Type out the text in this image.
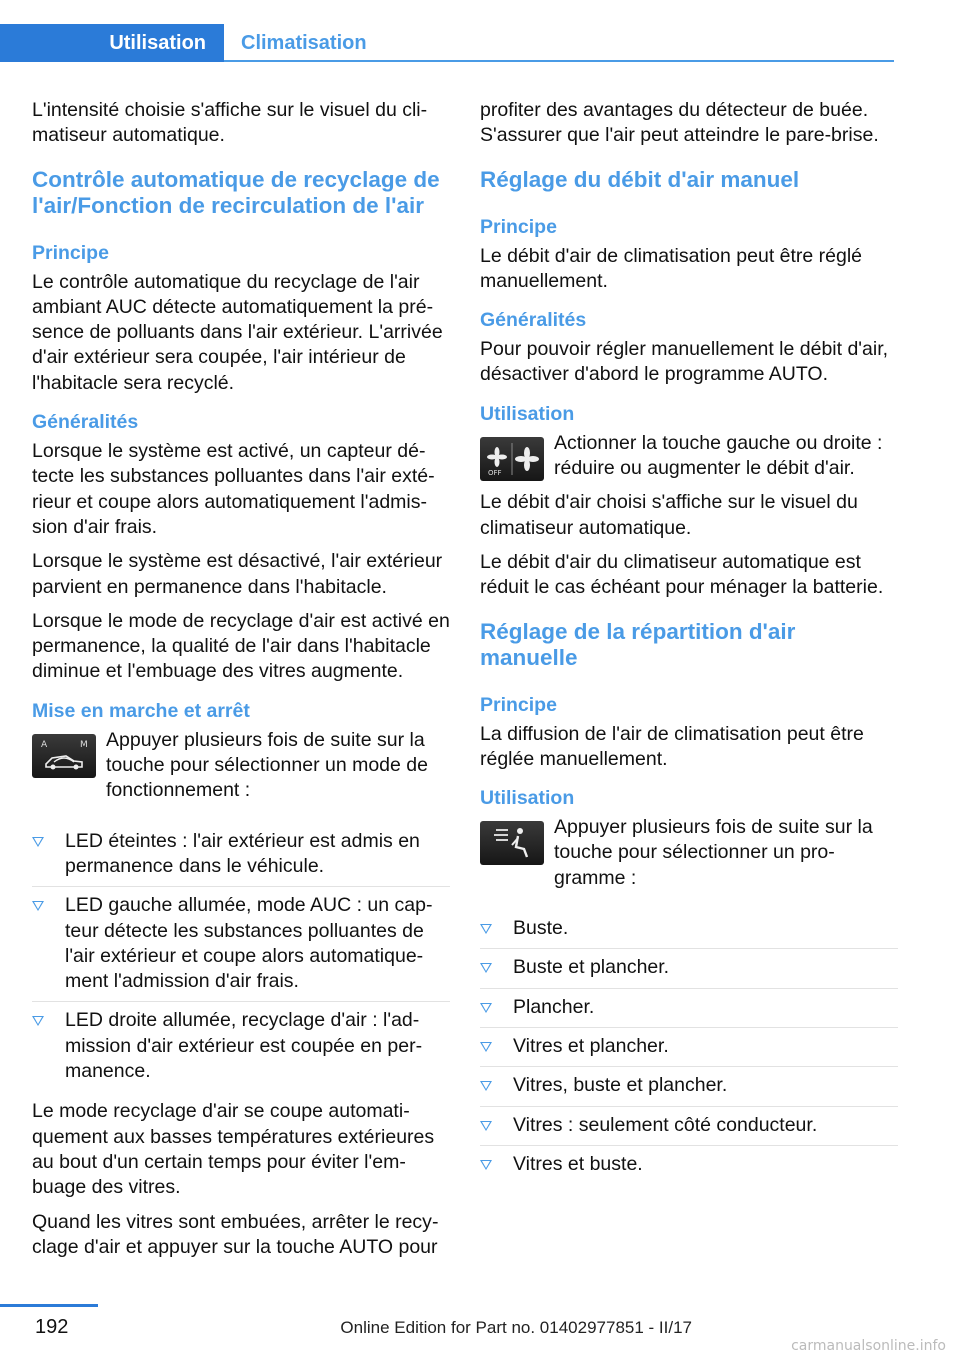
Utilisation	Climatisation

L'intensité choisie s'affiche sur le visuel du climatiseur automatique.

Contrôle automatique de recyclage de l'air/Fonction de recirculation de l'air
Principe

Le contrôle automatique du recyclage de l'air ambiant AUC détecte automatiquement la présence de polluants dans l'air extérieur. L'arrivée d'air extérieur sera coupée, l'air intérieur de l'habitacle sera recyclé.

Généralités

Lorsque le système est activé, un capteur détecte les substances polluantes dans l'air extérieur et coupe alors automatiquement l'admission d'air frais.

Lorsque le système est désactivé, l'air extérieur parvient en permanence dans l'habitacle.

Lorsque le mode de recyclage d'air est activé en permanence, la qualité de l'air dans l'habitacle diminue et l'embuage des vitres augmente.

Mise en marche et arrêt
A	M Appuyer plusieurs fois de suite sur la touche pour sélectionner un mode de fonctionnement :

LED éteintes : l'air extérieur est admis en permanence dans le véhicule.
LED gauche allumée, mode AUC : un capteur détecte les substances polluantes de l'air extérieur et coupe alors automatiquement l'admission d'air frais.
LED droite allumée, recyclage d'air : l'admission d'air extérieur est coupée en permanence.

Le mode recyclage d'air se coupe automatiquement aux basses températures extérieures au bout d'un certain temps pour éviter l'embuage des vitres.

Quand les vitres sont embuées, arrêter le recyclage d'air et appuyer sur la touche AUTO pour

profiter des avantages du détecteur de buée. S'assurer que l'air peut atteindre le pare-brise.

Réglage du débit d'air manuel
Principe

Le débit d'air de climatisation peut être réglé manuellement.

Généralités

Pour pouvoir régler manuellement le débit d'air, désactiver d'abord le programme AUTO.

Utilisation
OFF

Actionner la touche gauche ou droite : réduire ou augmenter le débit d'air.

Le débit d'air choisi s'affiche sur le visuel du climatiseur automatique.

Le débit d'air du climatiseur automatique est réduit le cas échéant pour ménager la batterie.

Réglage de la répartition d'air manuelle
Principe

La diffusion de l'air de climatisation peut être réglée manuellement.

Utilisation

Appuyer plusieurs fois de suite sur la touche pour sélectionner un programme :

Buste.
Buste et plancher.
Plancher.
Vitres et plancher.
Vitres, buste et plancher.
Vitres : seulement côté conducteur.
Vitres et buste.
192	Online Edition for Part no. 01402977851 - II/17
carmanualsonline.info
